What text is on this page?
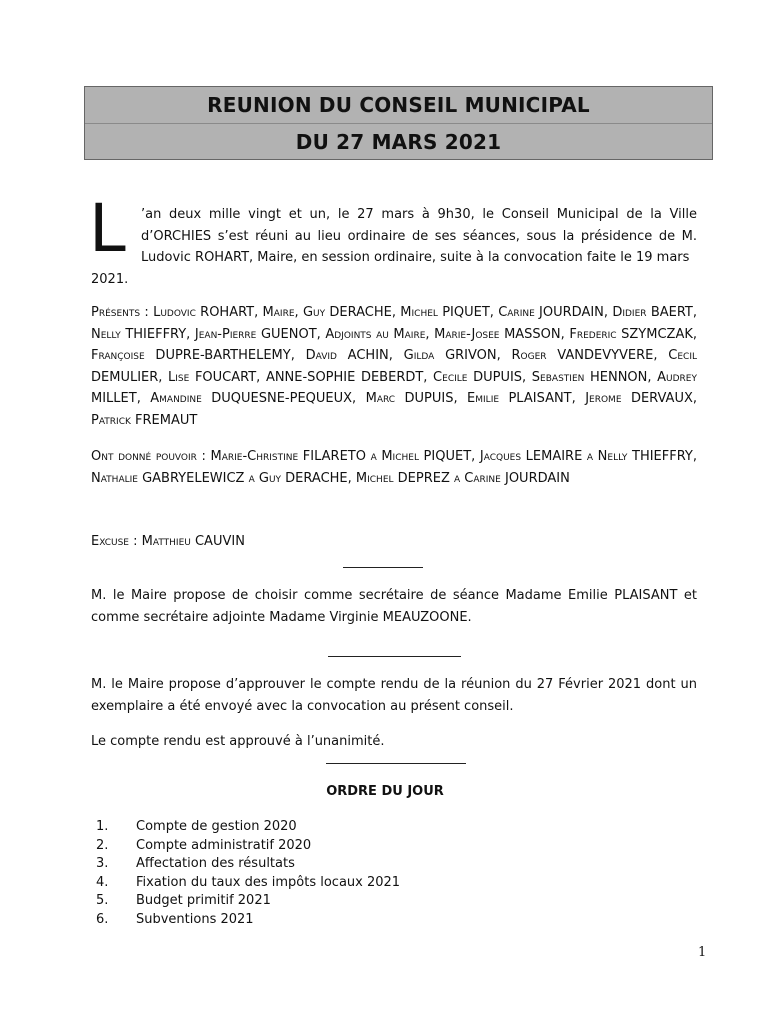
REUNION DU CONSEIL MUNICIPAL
DU 27 MARS 2021
L ’an deux mille vingt et un, le 27 mars à 9h30, le Conseil Municipal de la Ville d’ORCHIES s’est réuni au lieu ordinaire de ses séances, sous la présidence de M. Ludovic ROHART, Maire, en session ordinaire, suite à la convocation faite le 19 mars
2021.
Présents : Ludovic ROHART, Maire, Guy DERACHE, Michel PIQUET, Carine JOURDAIN, Didier BAERT, Nelly THIEFFRY, Jean-Pierre GUENOT, Adjoints au Maire, Marie-Josee MASSON, Frederic SZYMCZAK, Françoise DUPRE-BARTHELEMY, David ACHIN, Gilda GRIVON, Roger VANDEVYVERE, Cecil DEMULIER, Lise FOUCART, ANNE-SOPHIE DEBERDT, Cecile DUPUIS, Sebastien HENNON, Audrey MILLET, Amandine DUQUESNE-PEQUEUX, Marc DUPUIS, Emilie PLAISANT, Jerome DERVAUX, Patrick FREMAUT
Ont donné pouvoir : Marie-Christine FILARETO a Michel PIQUET, Jacques LEMAIRE a Nelly THIEFFRY, Nathalie GABRYELEWICZ a Guy DERACHE, Michel DEPREZ a Carine JOURDAIN
Excuse : Matthieu CAUVIN
M. le Maire propose de choisir comme secrétaire de séance Madame Emilie PLAISANT et comme secrétaire adjointe Madame Virginie MEAUZOONE.
M. le Maire propose d’approuver le compte rendu de la réunion du 27 Février 2021 dont un exemplaire a été envoyé avec la convocation au présent conseil.
Le compte rendu est approuvé à l’unanimité.
ORDRE DU JOUR
1.	Compte de gestion 2020
2.	Compte administratif 2020
3.	Affectation des résultats
4.	Fixation du taux des impôts locaux 2021
5.	Budget primitif 2021
6.	Subventions 2021
1
